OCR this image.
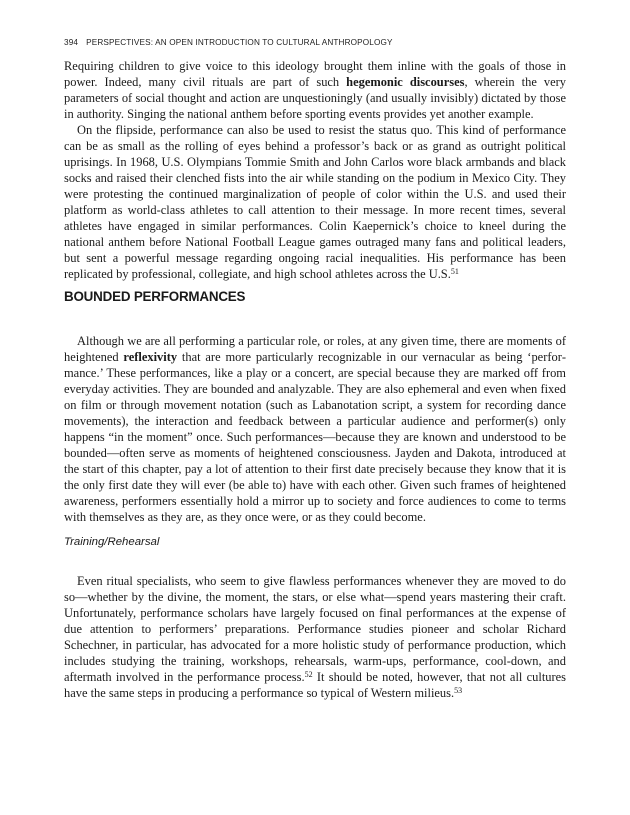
394 PERSPECTIVES: AN OPEN INTRODUCTION TO CULTURAL ANTHROPOLOGY

Requiring children to give voice to this ideology brought them inline with the goals of those in power. Indeed, many civil rituals are part of such hegemonic discourses, wherein the very parameters of social thought and action are unquestioningly (and usually invisibly) dictated by those in authority. Singing the national anthem before sporting events provides yet another example.

On the flipside, performance can also be used to resist the status quo. This kind of performance can be as small as the rolling of eyes behind a professor’s back or as grand as outright political uprisings. In 1968, U.S. Olympians Tommie Smith and John Carlos wore black armbands and black socks and raised their clenched fists into the air while standing on the podium in Mexico City. They were protesting the continued marginalization of people of color within the U.S. and used their platform as world-class athletes to call attention to their message. In more recent times, several athletes have engaged in similar performances. Colin Kaepernick’s choice to kneel during the national anthem before National Football League games outraged many fans and political leaders, but sent a powerful message regarding ongoing racial inequalities. His performance has been replicated by professional, collegiate, and high school athletes across the U.S.$^{51}$

BOUNDED PERFORMANCES

Although we are all performing a particular role, or roles, at any given time, there are moments of heightened reflexivity that are more particularly recognizable in our vernacular as being ‘performance.’ These performances, like a play or a concert, are special because they are marked off from everyday activities. They are bounded and analyzable. They are also ephemeral and even when fixed on film or through movement notation (such as Labanotation script, a system for recording dance movements), the interaction and feedback between a particular audience and performer(s) only happens “in the moment” once. Such performances—because they are known and understood to be bounded—often serve as moments of heightened consciousness. Jayden and Dakota, introduced at the start of this chapter, pay a lot of attention to their first date precisely because they know that it is the only first date they will ever (be able to) have with each other. Given such frames of heightened awareness, performers essentially hold a mirror up to society and force audiences to come to terms with themselves as they are, as they once were, or as they could become.

Training/Rehearsal

Even ritual specialists, who seem to give flawless performances whenever they are moved to do so—whether by the divine, the moment, the stars, or else what—spend years mastering their craft. Unfortunately, performance scholars have largely focused on final performances at the expense of due attention to performers’ preparations. Performance studies pioneer and scholar Richard Schechner, in particular, has advocated for a more holistic study of performance production, which includes studying the training, workshops, rehearsals, warm-ups, performance, cool-down, and aftermath involved in the performance process.$^{52}$ It should be noted, however, that not all cultures have the same steps in producing a performance so typical of Western milieus.$^{53}$
